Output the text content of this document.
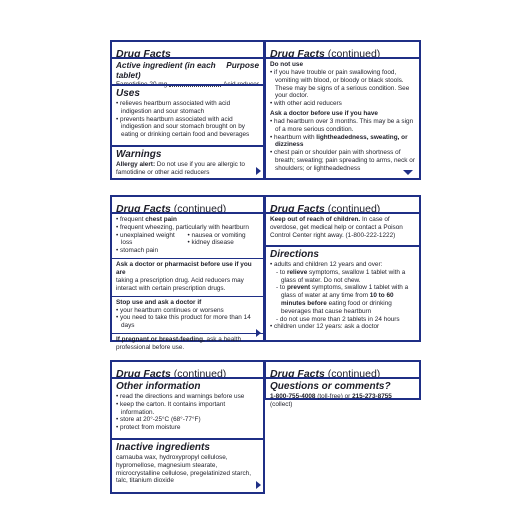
Drug Facts
Active ingredient (in each tablet)
Purpose
Famotidine 20 mg	Acid reducer
Uses
• relieves heartburn associated with acid indigestion and sour stomach
• prevents heartburn associated with acid indigestion and sour stomach brought on by eating or drinking certain food and beverages
Warnings
Allergy alert: Do not use if you are allergic to famotidine or other acid reducers
Drug Facts (continued)
Do not use
• if you have trouble or pain swallowing food, vomiting with blood, or bloody or black stools. These may be signs of a serious condition. See your doctor.
• with other acid reducers
Ask a doctor before use if you have
• had heartburn over 3 months. This may be a sign of a more serious condition.
• heartburn with lightheadedness, sweating, or dizziness
• chest pain or shoulder pain with shortness of breath; sweating; pain spreading to arms, neck or shoulders; or lightheadedness
Drug Facts (continued)
• frequent chest pain
• frequent wheezing, particularly with heartburn
• unexplained weight loss
• stomach pain
• nausea or vomiting
• kidney disease
Ask a doctor or pharmacist before use if you are
taking a prescription drug. Acid reducers may interact with certain prescription drugs.
Stop use and ask a doctor if
• your heartburn continues or worsens
• you need to take this product for more than 14 days
If pregnant or breast-feeding, ask a health professional before use.
Drug Facts (continued)
Keep out of reach of children. In case of overdose, get medical help or contact a Poison Control Center right away. (1-800-222-1222)
Directions
• adults and children 12 years and over:
- to relieve symptoms, swallow 1 tablet with a glass of water. Do not chew.
- to prevent symptoms, swallow 1 tablet with a glass of water at any time from 10 to 60 minutes before eating food or drinking beverages that cause heartburn
- do not use more than 2 tablets in 24 hours
• children under 12 years: ask a doctor
Drug Facts (continued)
Other information
• read the directions and warnings before use
• keep the carton. It contains important information.
• store at 20°-25°C (68°-77°F)
• protect from moisture
Inactive ingredients
carnauba wax, hydroxypropyl cellulose, hypromellose, magnesium stearate, microcrystalline cellulose, pregelatinized starch, talc, titanium dioxide
Drug Facts (continued)
Questions or comments?
1-800-755-4008 (toll-free) or 215-273-8755 (collect)
